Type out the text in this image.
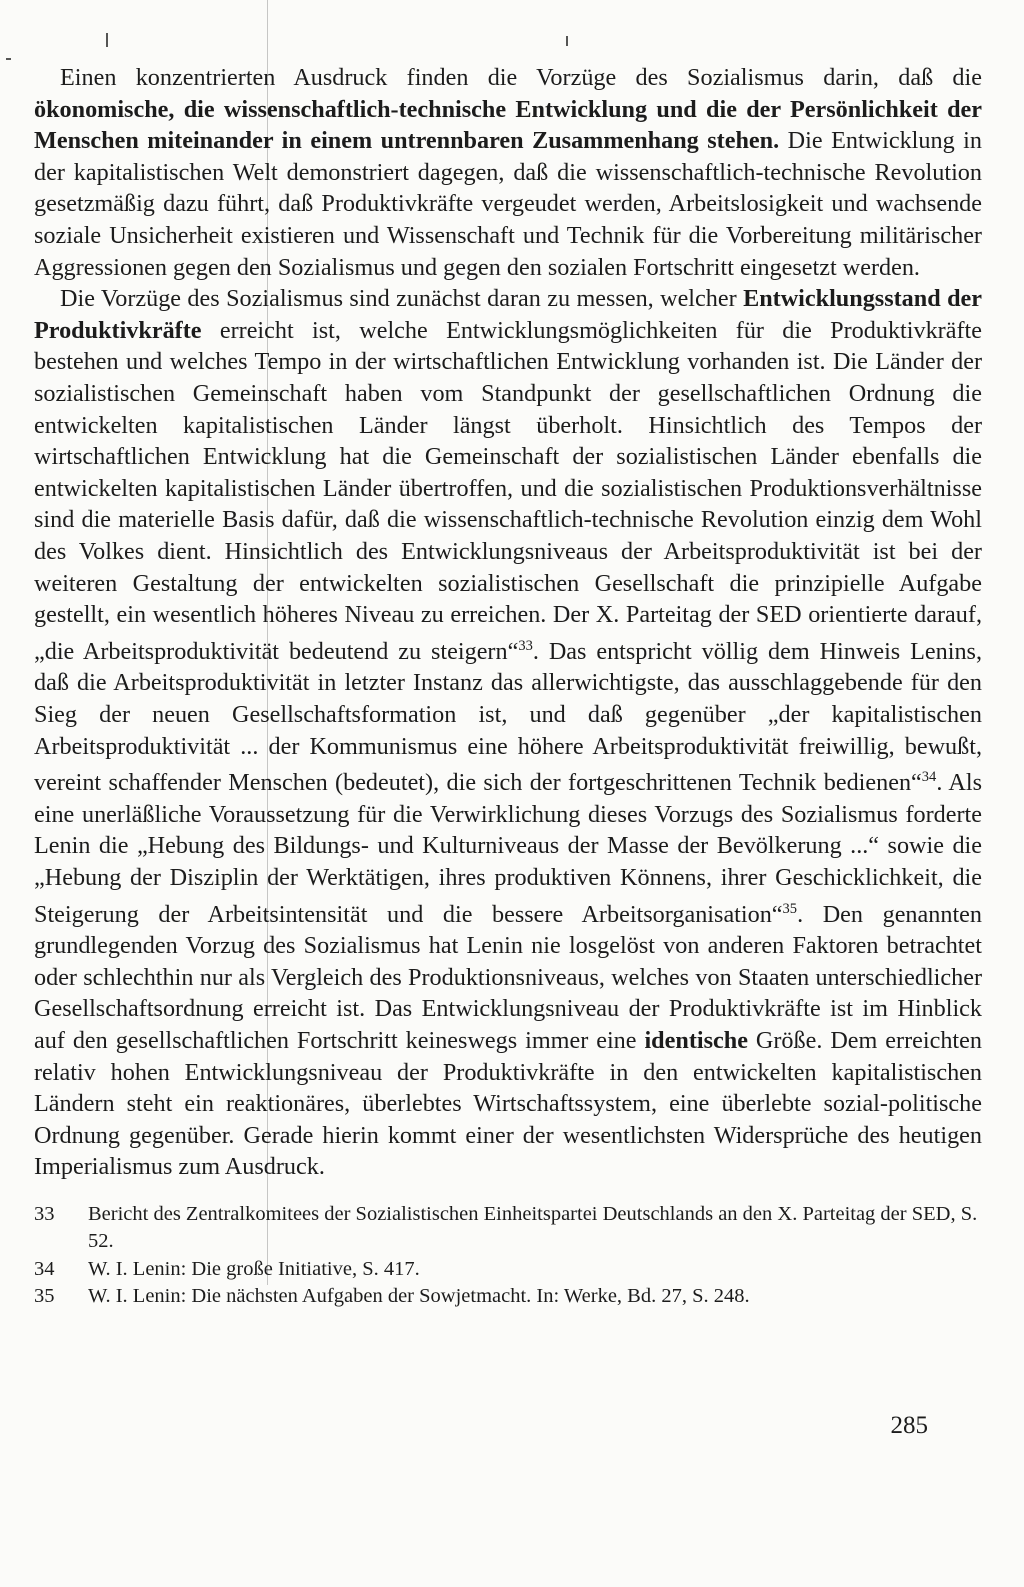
Einen konzentrierten Ausdruck finden die Vorzüge des Sozialismus darin, daß die ökonomische, die wissenschaftlich-technische Entwicklung und die der Persönlichkeit der Menschen miteinander in einem untrennbaren Zusammenhang stehen. Die Entwicklung in der kapitalistischen Welt demonstriert dagegen, daß die wissenschaftlich-technische Revolution gesetzmäßig dazu führt, daß Produktivkräfte vergeudet werden, Arbeitslosigkeit und wachsende soziale Unsicherheit existieren und Wissenschaft und Technik für die Vorbereitung militärischer Aggressionen gegen den Sozialismus und gegen den sozialen Fortschritt eingesetzt werden.

Die Vorzüge des Sozialismus sind zunächst daran zu messen, welcher Entwicklungsstand der Produktivkräfte erreicht ist, welche Entwicklungsmöglichkeiten für die Produktivkräfte bestehen und welches Tempo in der wirtschaftlichen Entwicklung vorhanden ist. Die Länder der sozialistischen Gemeinschaft haben vom Standpunkt der gesellschaftlichen Ordnung die entwickelten kapitalistischen Länder längst überholt. Hinsichtlich des Tempos der wirtschaftlichen Entwicklung hat die Gemeinschaft der sozialistischen Länder ebenfalls die entwickelten kapitalistischen Länder übertroffen, und die sozialistischen Produktionsverhältnisse sind die materielle Basis dafür, daß die wissenschaftlich-technische Revolution einzig dem Wohl des Volkes dient. Hinsichtlich des Entwicklungsniveaus der Arbeitsproduktivität ist bei der weiteren Gestaltung der entwickelten sozialistischen Gesellschaft die prinzipielle Aufgabe gestellt, ein wesentlich höheres Niveau zu erreichen. Der X. Parteitag der SED orientierte darauf, „die Arbeitsproduktivität bedeutend zu steigern“$^{33}$. Das entspricht völlig dem Hinweis Lenins, daß die Arbeitsproduktivität in letzter Instanz das allerwichtigste, das ausschlaggebende für den Sieg der neuen Gesellschaftsformation ist, und daß gegenüber „der kapitalistischen Arbeitsproduktivität ... der Kommunismus eine höhere Arbeitsproduktivität freiwillig, bewußt, vereint schaffender Menschen (bedeutet), die sich der fortgeschrittenen Technik bedienen“$^{34}$. Als eine unerläßliche Voraussetzung für die Verwirklichung dieses Vorzugs des Sozialismus forderte Lenin die „Hebung des Bildungs- und Kulturniveaus der Masse der Bevölkerung ...“ sowie die „Hebung der Disziplin der Werktätigen, ihres produktiven Könnens, ihrer Geschicklichkeit, die Steigerung der Arbeitsintensität und die bessere Arbeitsorganisation“$^{35}$. Den genannten grundlegenden Vorzug des Sozialismus hat Lenin nie losgelöst von anderen Faktoren betrachtet oder schlechthin nur als Vergleich des Produktionsniveaus, welches von Staaten unterschiedlicher Gesellschaftsordnung erreicht ist. Das Entwicklungsniveau der Produktivkräfte ist im Hinblick auf den gesellschaftlichen Fortschritt keineswegs immer eine identische Größe. Dem erreichten relativ hohen Entwicklungsniveau der Produktivkräfte in den entwickelten kapitalistischen Ländern steht ein reaktionäres, überlebtes Wirtschaftssystem, eine überlebte sozial-politische Ordnung gegenüber. Gerade hierin kommt einer der wesentlichsten Widersprüche des heutigen Imperialismus zum Ausdruck.

33	Bericht des Zentralkomitees der Sozialistischen Einheitspartei Deutschlands an den X. Parteitag der SED, S. 52.
34	W. I. Lenin: Die große Initiative, S. 417.
35	W. I. Lenin: Die nächsten Aufgaben der Sowjetmacht. In: Werke, Bd. 27, S. 248.
285
